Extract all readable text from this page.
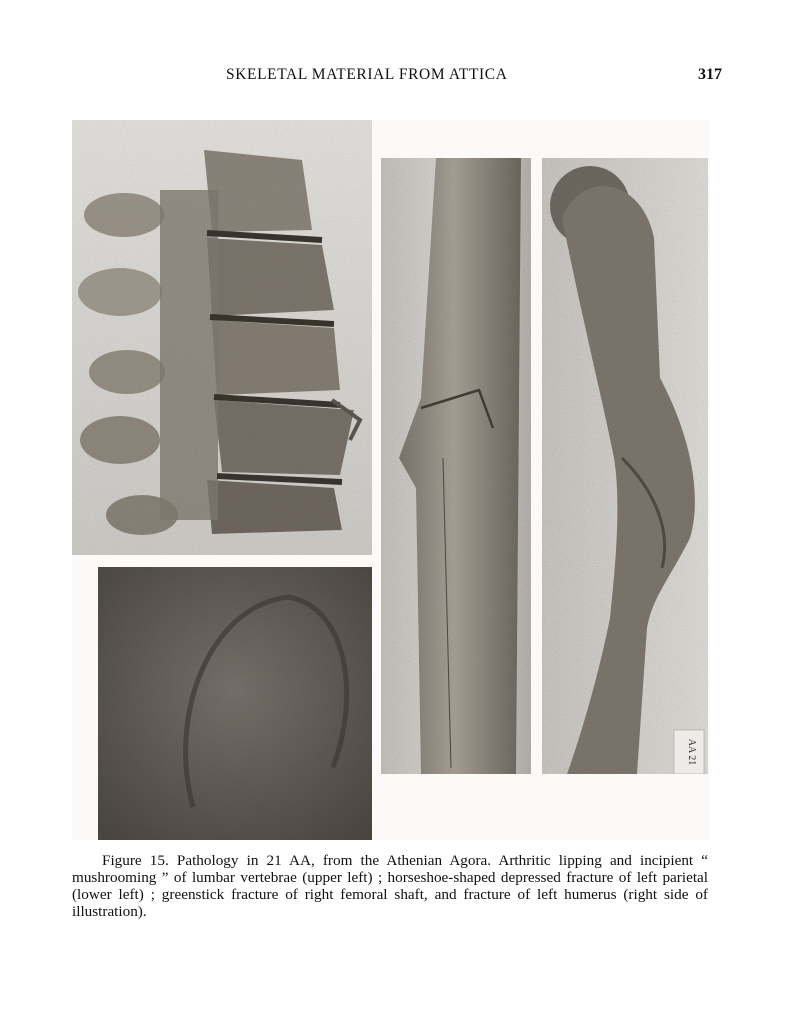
SKELETAL MATERIAL FROM ATTICA	317
AA 21

Figure 15. Pathology in 21 AA, from the Athenian Agora. Arthritic lipping and incipient “ mushrooming ” of lumbar vertebrae (upper left) ; horseshoe-shaped depressed fracture of left parietal (lower left) ; greenstick fracture of right femoral shaft, and fracture of left humerus (right side of illustration).
